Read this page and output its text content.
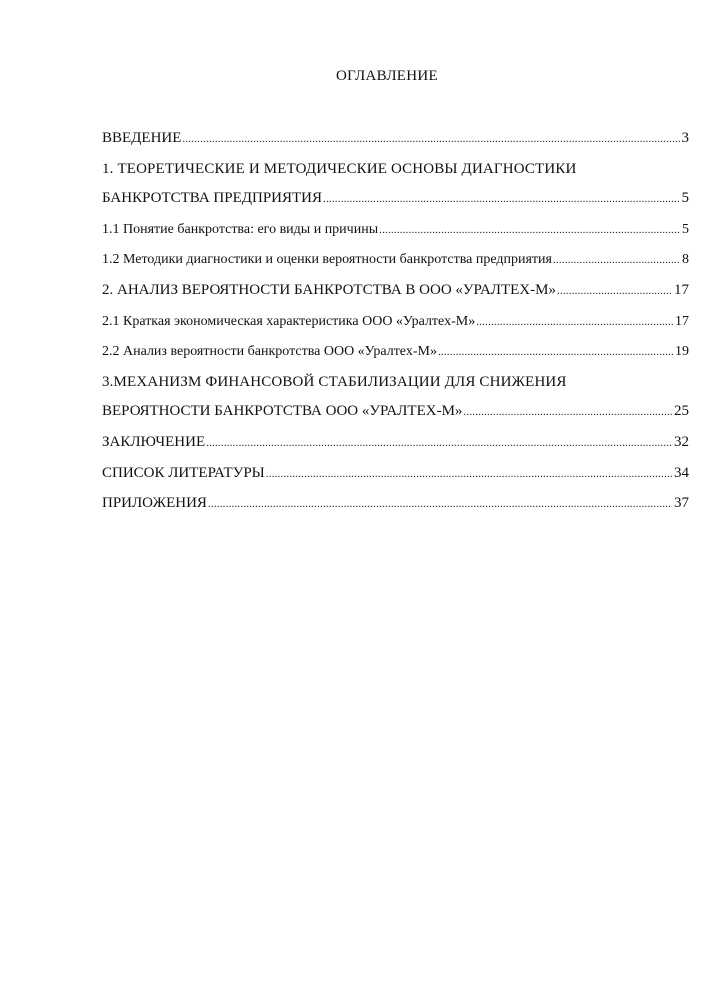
ОГЛАВЛЕНИЕ
ВВЕДЕНИЕ .....	3
1. ТЕОРЕТИЧЕСКИЕ И МЕТОДИЧЕСКИЕ ОСНОВЫ ДИАГНОСТИКИ
БАНКРОТСТВА ПРЕДПРИЯТИЯ .....	5
1.1 Понятие банкротства: его виды и причины .....	5
1.2 Методики диагностики и оценки вероятности банкротства предприятия .....	8
2. АНАЛИЗ ВЕРОЯТНОСТИ БАНКРОТСТВА В ООО «УРАЛТЕХ-М» .....	17
2.1 Краткая экономическая характеристика ООО «Уралтех-М» .....	17
2.2 Анализ вероятности банкротства ООО «Уралтех-М» .....	19
3.МЕХАНИЗМ ФИНАНСОВОЙ СТАБИЛИЗАЦИИ ДЛЯ СНИЖЕНИЯ
ВЕРОЯТНОСТИ БАНКРОТСТВА ООО «УРАЛТЕХ-М» .....	25
ЗАКЛЮЧЕНИЕ .....	32
СПИСОК ЛИТЕРАТУРЫ .....	34
ПРИЛОЖЕНИЯ .....	37
